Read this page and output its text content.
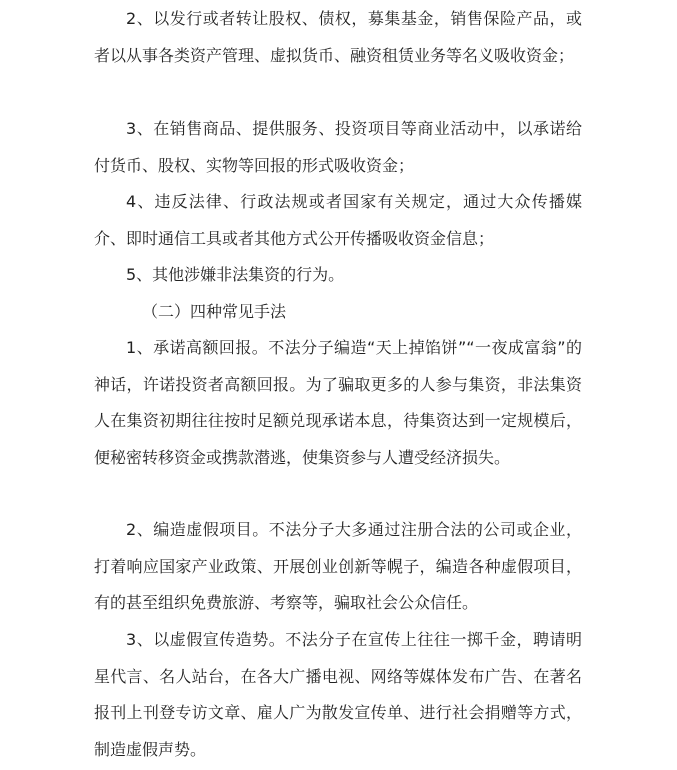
2、以发行或者转让股权、债权，募集基金，销售保险产品，或者以从事各类资产管理、虚拟货币、融资租赁业务等名义吸收资金；

3、在销售商品、提供服务、投资项目等商业活动中，以承诺给付货币、股权、实物等回报的形式吸收资金；

4、违反法律、行政法规或者国家有关规定，通过大众传播媒介、即时通信工具或者其他方式公开传播吸收资金信息；

5、其他涉嫌非法集资的行为。

（二）四种常见手法

1、承诺高额回报。不法分子编造“天上掉馅饼”“一夜成富翁”的神话，许诺投资者高额回报。为了骗取更多的人参与集资，非法集资人在集资初期往往按时足额兑现承诺本息，待集资达到一定规模后，便秘密转移资金或携款潜逃，使集资参与人遭受经济损失。

2、编造虚假项目。不法分子大多通过注册合法的公司或企业，打着响应国家产业政策、开展创业创新等幌子，编造各种虚假项目，有的甚至组织免费旅游、考察等，骗取社会公众信任。

3、以虚假宣传造势。不法分子在宣传上往往一掷千金，聘请明星代言、名人站台，在各大广播电视、网络等媒体发布广告、在著名报刊上刊登专访文章、雇人广为散发宣传单、进行社会捐赠等方式，制造虚假声势。
